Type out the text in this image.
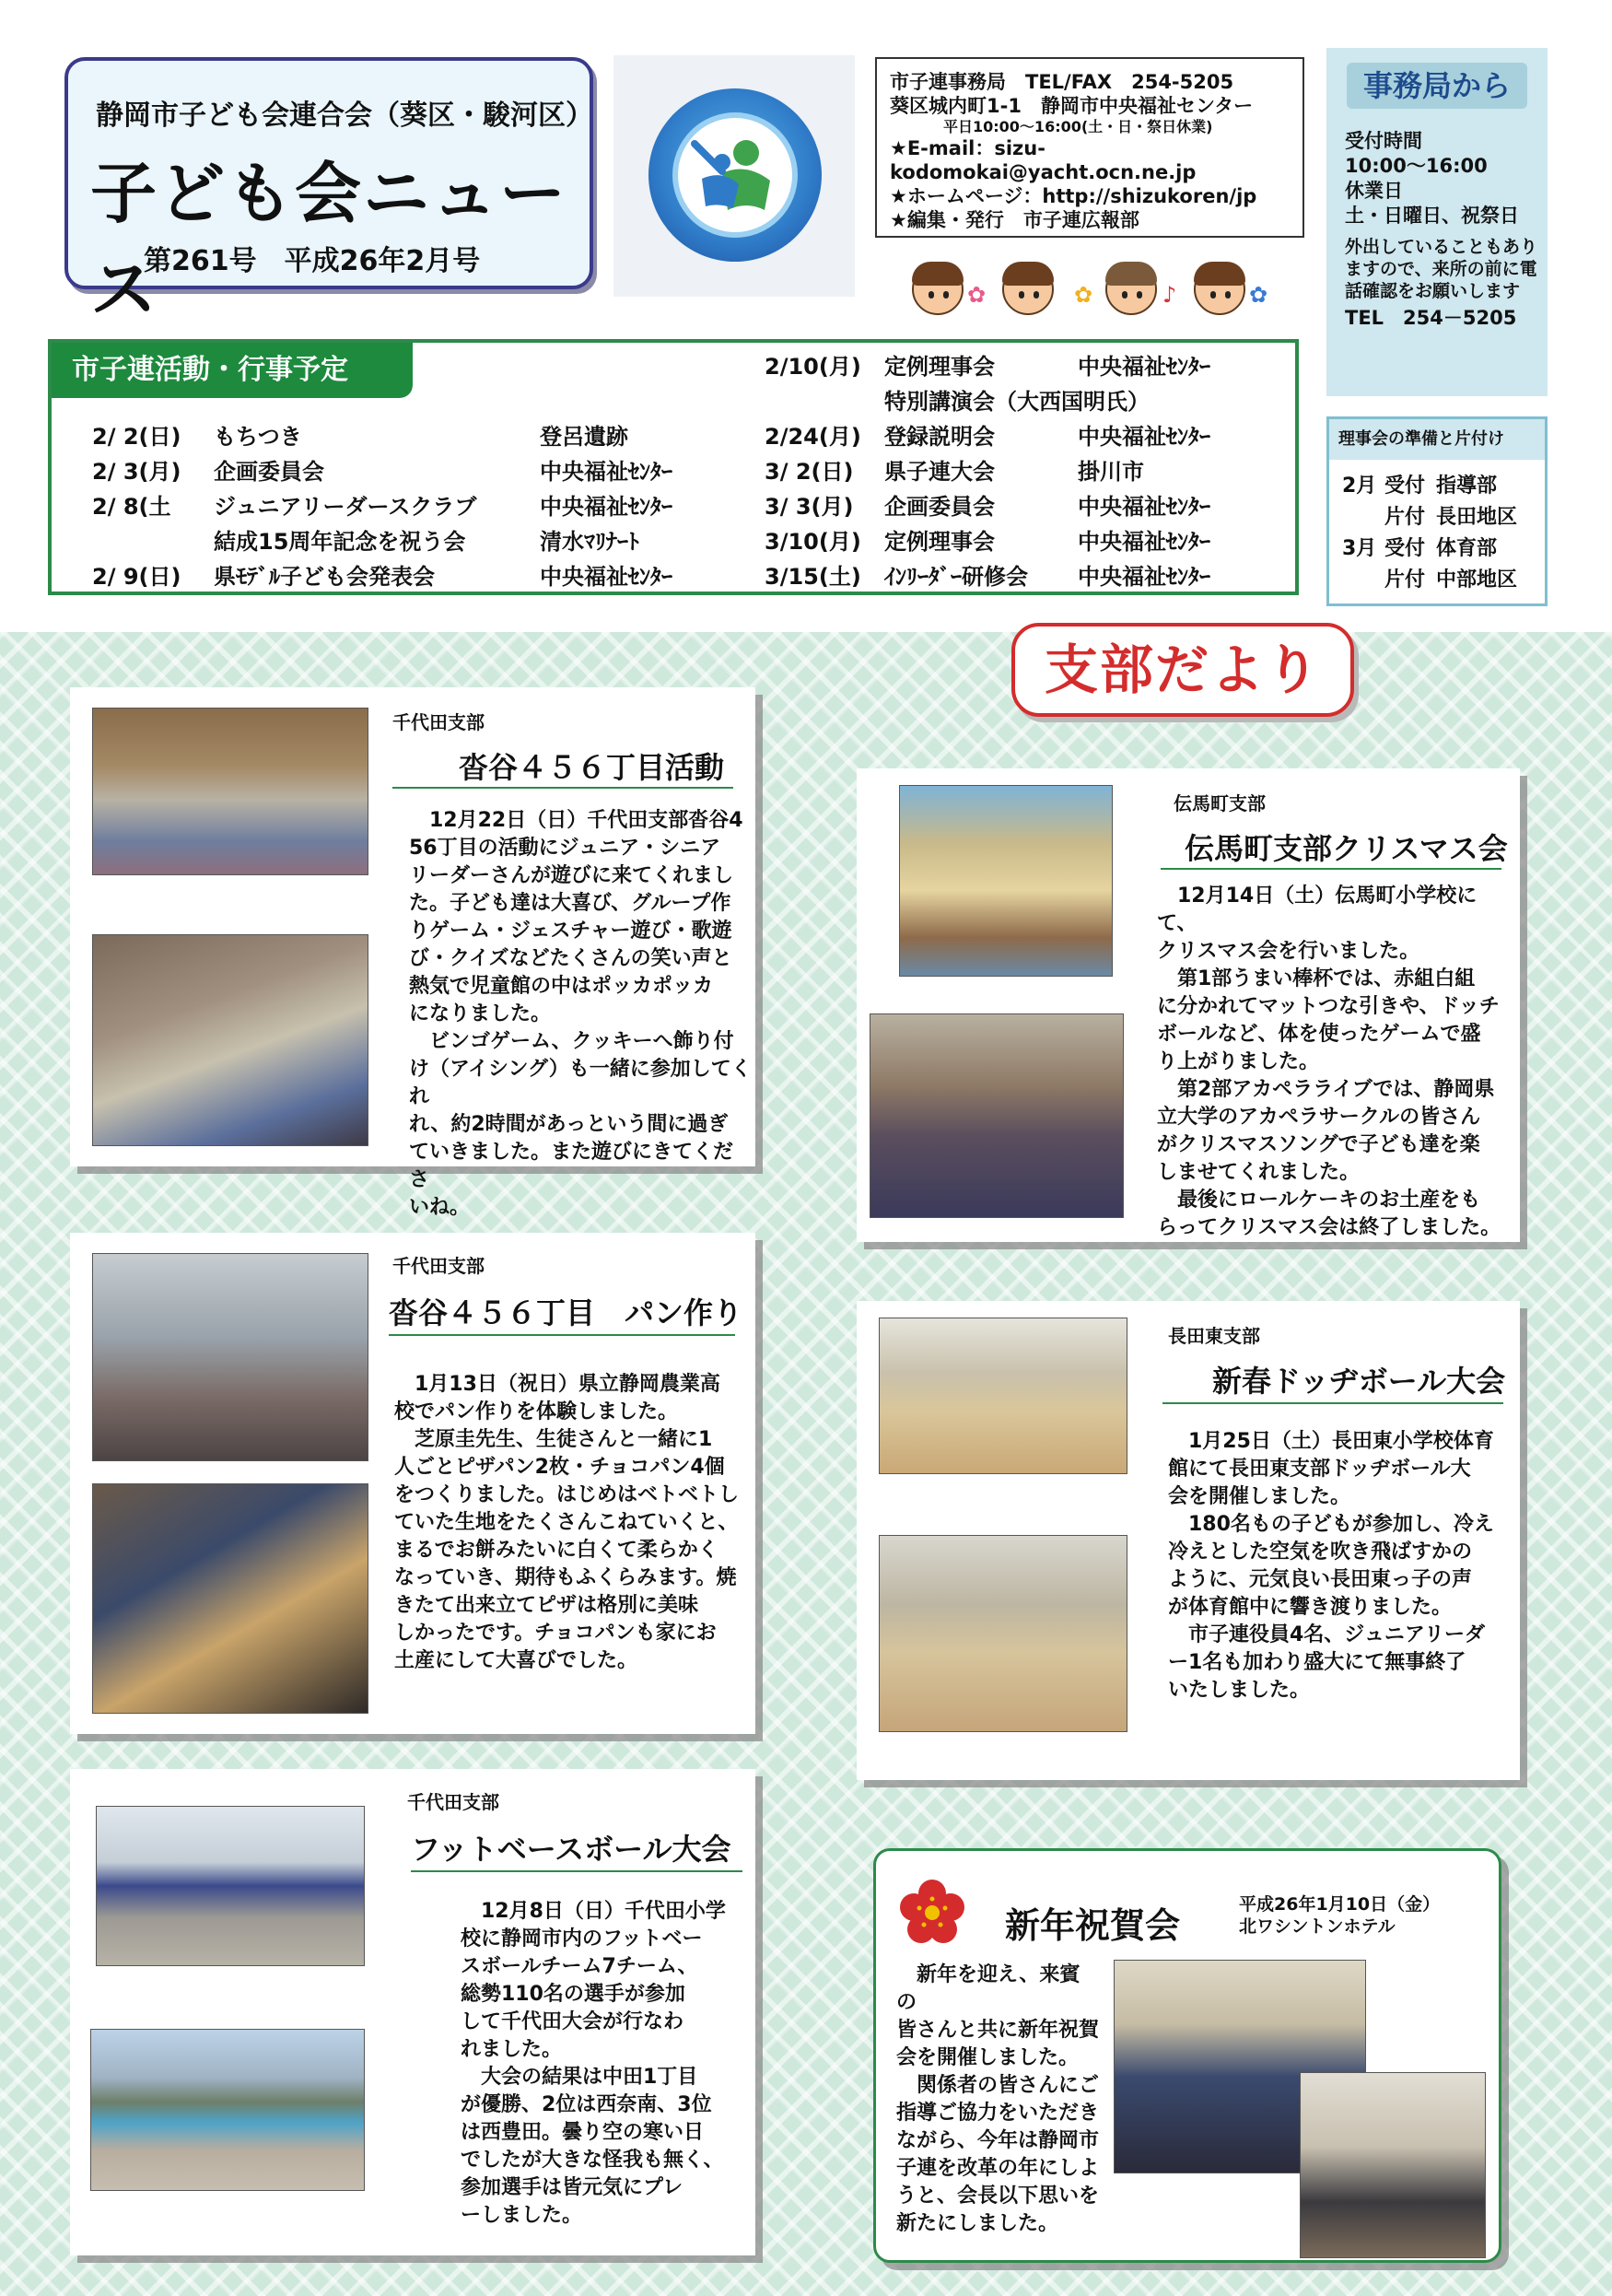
静岡市子ども会連合会（葵区・駿河区）
子ども会ニュース
第261号　平成26年2月号
市子連事務局　TEL/FAX　254-5205
葵区城内町1-1　静岡市中央福祉センター
平日10:00～16:00(土・日・祭日休業)
★E-mail：sizu-kodomokai@yacht.ocn.ne.jp
★ホームページ：http://shizukoren/jp
★編集・発行　市子連広報部
✿	✿	♪	✿
事務局から
受付時間
10:00～16:00
休業日
土・日曜日、祝祭日
外出していることもありますので、来所の前に電話確認をお願いします
TEL　254－5205
理事会の準備と片付け
2月 受付 指導部
片付 長田地区
3月 受付 体育部
片付 中部地区
市子連活動・行事予定
2/ 2(日) もちつき	登呂遺跡
2/ 3(月) 企画委員会	中央福祉ｾﾝﾀｰ
2/ 8(土 ジュニアリーダースクラブ	中央福祉ｾﾝﾀｰ
結成15周年記念を祝う会	清水ﾏﾘﾅｰﾄ
2/ 9(日) 県ﾓﾃﾞﾙ子ども会発表会	中央福祉ｾﾝﾀｰ
2/10(月) 定例理事会	中央福祉ｾﾝﾀｰ
特別講演会（大西国明氏）
2/24(月) 登録説明会	中央福祉ｾﾝﾀｰ
3/ 2(日) 県子連大会	掛川市
3/ 3(月) 企画委員会	中央福祉ｾﾝﾀｰ
3/10(月) 定例理事会	中央福祉ｾﾝﾀｰ
3/15(土) ｲﾝﾘｰﾀﾞｰ研修会 中央福祉ｾﾝﾀｰ
支部だより
千代田支部
沓谷４５６丁目活動
　12月22日（日）千代田支部沓谷4
56丁目の活動にジュニア・シニア
リーダーさんが遊びに来てくれまし
た。子ども達は大喜び、グループ作
りゲーム・ジェスチャー遊び・歌遊
び・クイズなどたくさんの笑い声と
熱気で児童館の中はポッカポッカ
になりました。
　ビンゴゲーム、クッキーへ飾り付
け（アイシング）も一緒に参加してくれ
れ、約2時間があっという間に過ぎ
ていきました。また遊びにきてくださ
いね。
伝馬町支部
伝馬町支部クリスマス会
　12月14日（土）伝馬町小学校にて、
クリスマス会を行いました。
　第1部うまい棒杯では、赤組白組
に分かれてマットつな引きや、ドッチ
ボールなど、体を使ったゲームで盛
り上がりました。
　第2部アカペラライブでは、静岡県
立大学のアカペラサークルの皆さん
がクリスマスソングで子ども達を楽
しませてくれました。
　最後にロールケーキのお土産をも
らってクリスマス会は終了しました。
千代田支部
沓谷４５６丁目　パン作り
　1月13日（祝日）県立静岡農業高
校でパン作りを体験しました。
　芝原圭先生、生徒さんと一緒に1
人ごとピザパン2枚・チョコパン4個
をつくりました。はじめはベトベトし
ていた生地をたくさんこねていくと、
まるでお餅みたいに白くて柔らかく
なっていき、期待もふくらみます。焼
きたて出来立てピザは格別に美味
しかったです。チョコパンも家にお
土産にして大喜びでした。
長田東支部
新春ドッヂボール大会
　1月25日（土）長田東小学校体育
館にて長田東支部ドッヂボール大
会を開催しました。
　180名もの子どもが参加し、冷え
冷えとした空気を吹き飛ばすかの
ように、元気良い長田東っ子の声
が体育館中に響き渡りました。
　市子連役員4名、ジュニアリーダ
ー1名も加わり盛大にて無事終了
いたしました。
千代田支部
フットベースボール大会
　12月8日（日）千代田小学
校に静岡市内のフットベー
スボールチーム7チーム、
総勢110名の選手が参加
して千代田大会が行なわ
れました。
　大会の結果は中田1丁目
が優勝、2位は西奈南、3位
は西豊田。曇り空の寒い日
でしたが大きな怪我も無く、
参加選手は皆元気にプレ
ーしました。
新年祝賀会	平成26年1月10日（金）
北ワシントンホテル
　新年を迎え、来賓の
皆さんと共に新年祝賀
会を開催しました。
　関係者の皆さんにご
指導ご協力をいただき
ながら、今年は静岡市
子連を改革の年にしよ
うと、会長以下思いを
新たにしました。
